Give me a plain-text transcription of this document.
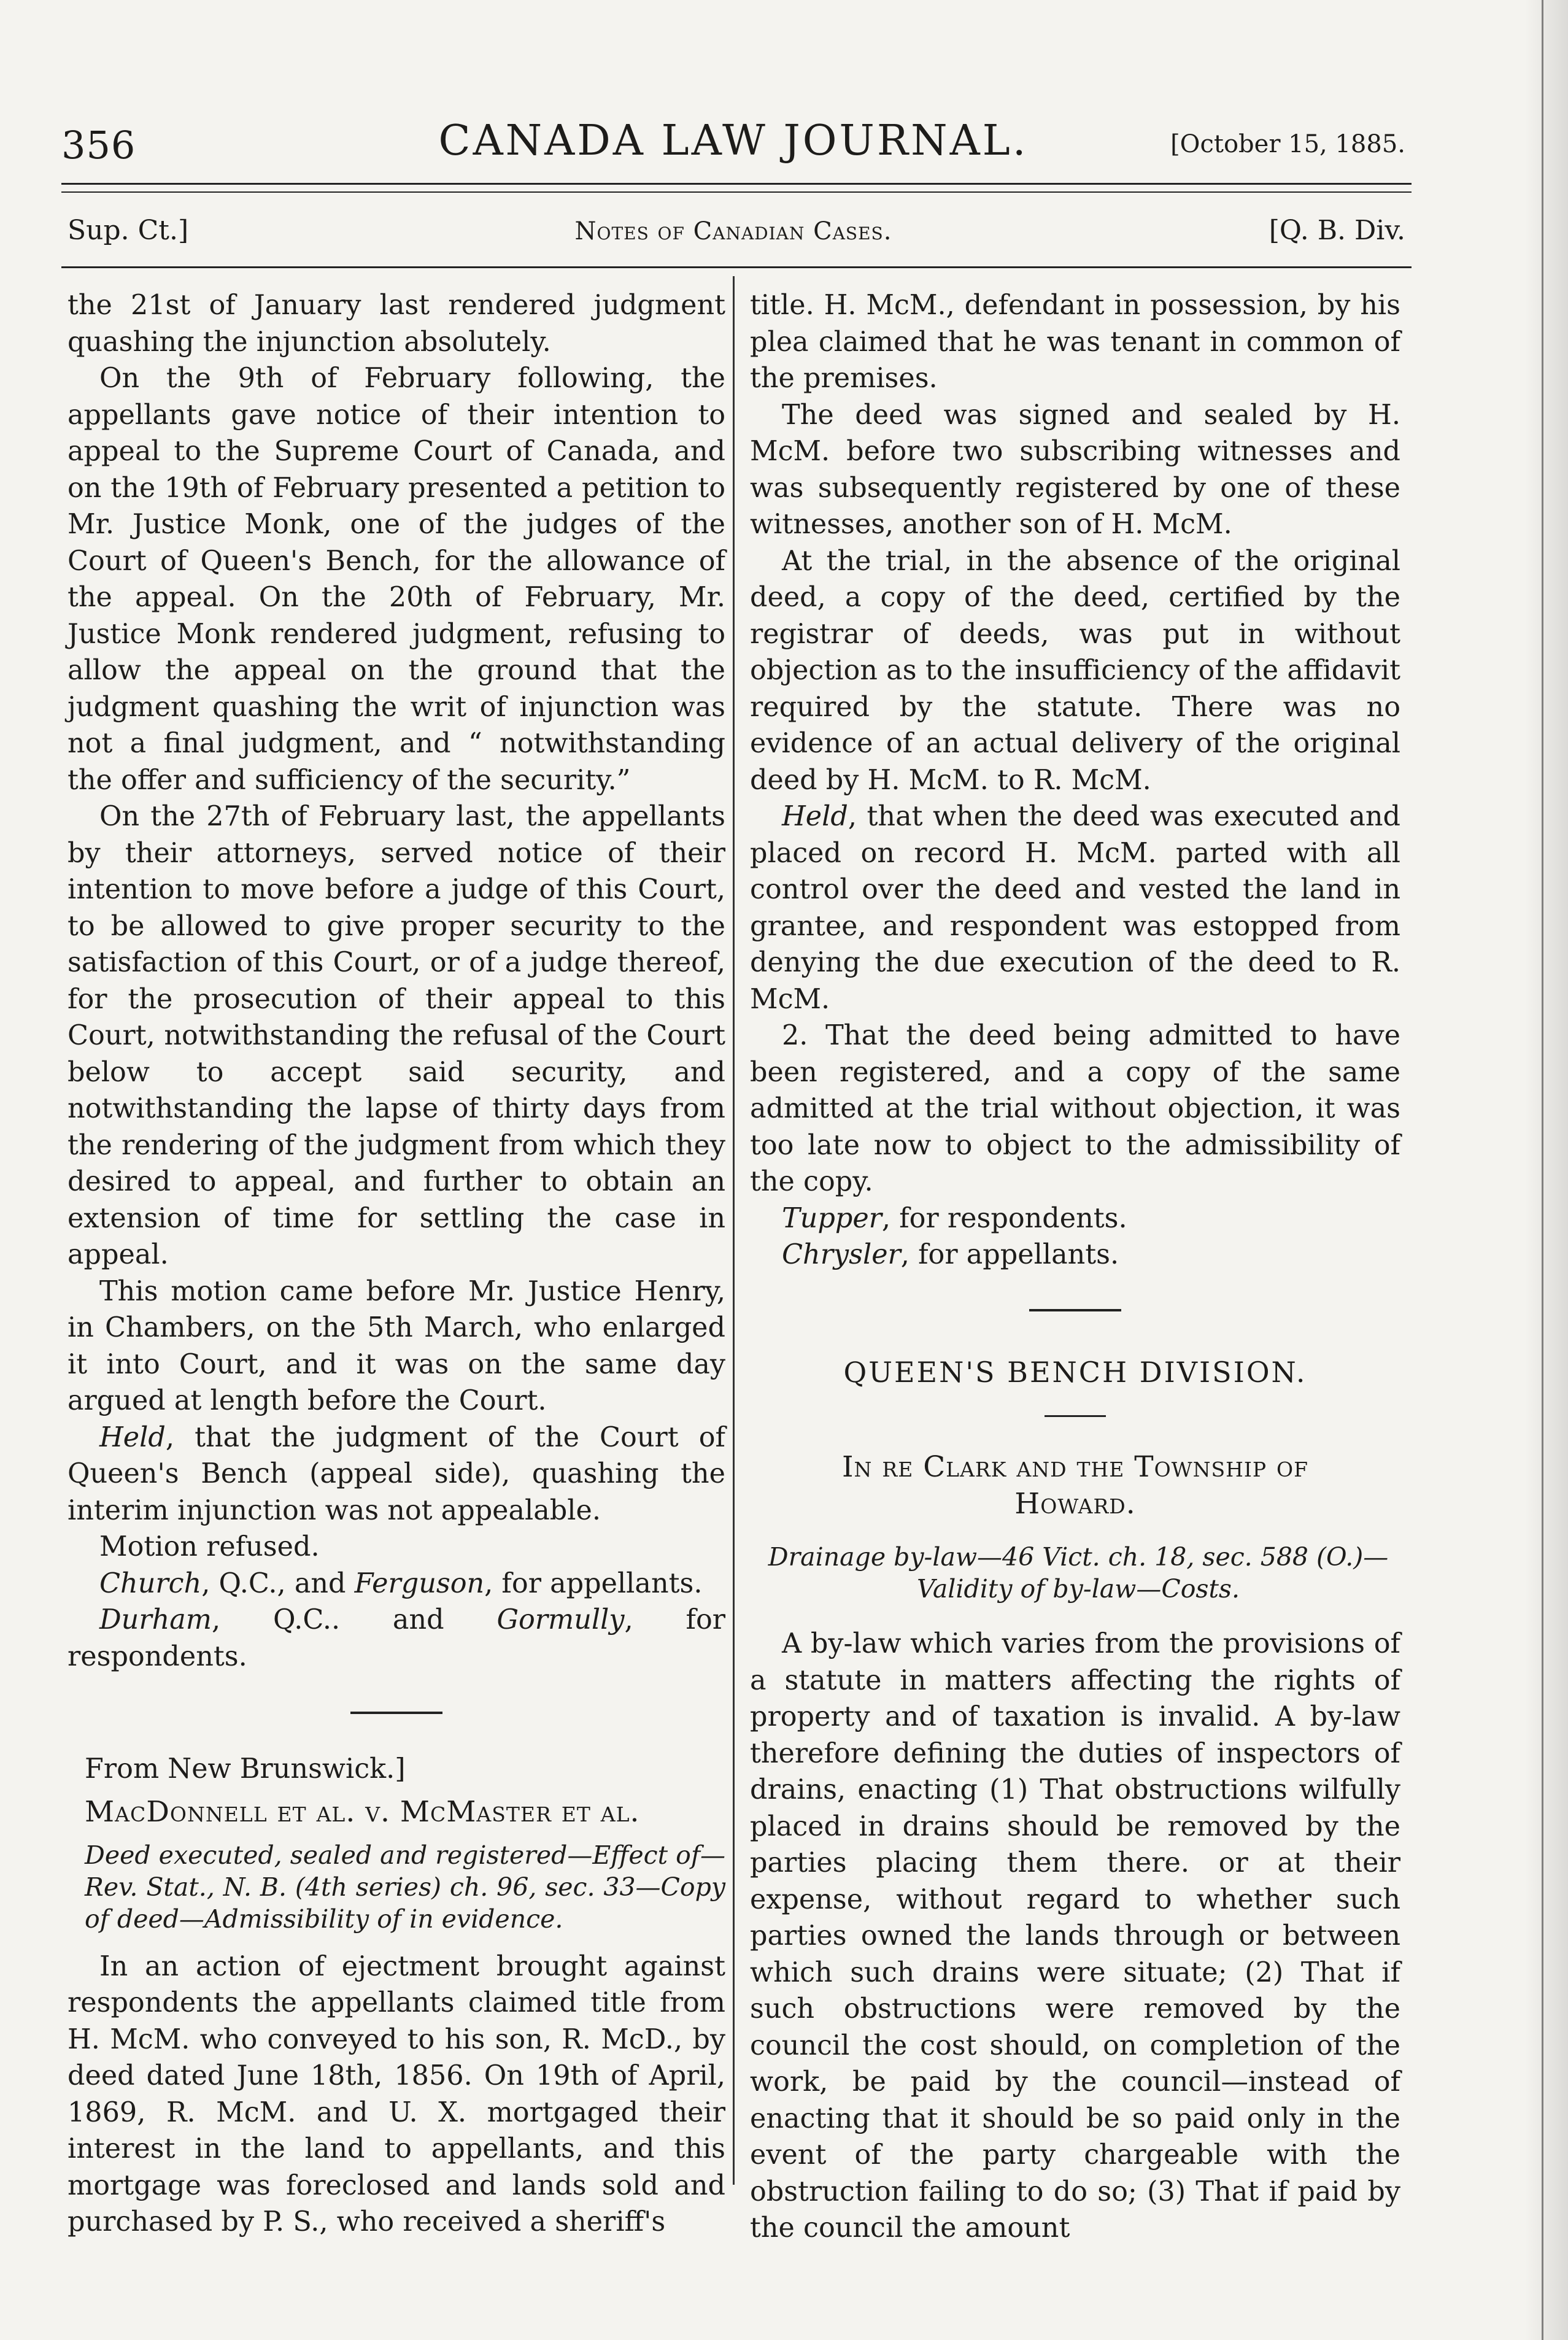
356	CANADA LAW JOURNAL.	[October 15, 1885.
Sup. Ct.]	Notes of Canadian Cases.	[Q. B. Div.

the 21st of January last rendered judgment quashing the injunction absolutely.

On the 9th of February following, the appellants gave notice of their intention to appeal to the Supreme Court of Canada, and on the 19th of February presented a petition to Mr. Justice Monk, one of the judges of the Court of Queen's Bench, for the allowance of the appeal. On the 20th of February, Mr. Justice Monk rendered judgment, refusing to allow the appeal on the ground that the judgment quashing the writ of injunction was not a final judgment, and “ notwithstanding the offer and sufficiency of the security.”

On the 27th of February last, the appellants by their attorneys, served notice of their intention to move before a judge of this Court, to be allowed to give proper security to the satisfaction of this Court, or of a judge thereof, for the prosecution of their appeal to this Court, notwithstanding the refusal of the Court below to accept said security, and notwithstanding the lapse of thirty days from the rendering of the judgment from which they desired to appeal, and further to obtain an extension of time for settling the case in appeal.

This motion came before Mr. Justice Henry, in Chambers, on the 5th March, who enlarged it into Court, and it was on the same day argued at length before the Court.

Held, that the judgment of the Court of Queen's Bench (appeal side), quashing the interim injunction was not appealable.

Motion refused.

Church, Q.C., and Ferguson, for appellants.

Durham, Q.C.. and Gormully, for respondents.

From New Brunswick.]

MacDonnell et al. v. McMaster et al.

Deed executed, sealed and registered—Effect of—Rev. Stat., N. B. (4th series) ch. 96, sec. 33—Copy of deed—Admissibility of in evidence.

In an action of ejectment brought against respondents the appellants claimed title from H. McM. who conveyed to his son, R. McD., by deed dated June 18th, 1856. On 19th of April, 1869, R. McM. and U. X. mortgaged their interest in the land to appellants, and this mortgage was foreclosed and lands sold and purchased by P. S., who received a sheriff's

title. H. McM., defendant in possession, by his plea claimed that he was tenant in common of the premises.

The deed was signed and sealed by H. McM. before two subscribing witnesses and was subsequently registered by one of these witnesses, another son of H. McM.

At the trial, in the absence of the original deed, a copy of the deed, certified by the registrar of deeds, was put in without objection as to the insufficiency of the affidavit required by the statute. There was no evidence of an actual delivery of the original deed by H. McM. to R. McM.

Held, that when the deed was executed and placed on record H. McM. parted with all control over the deed and vested the land in grantee, and respondent was estopped from denying the due execution of the deed to R. McM.

2. That the deed being admitted to have been registered, and a copy of the same admitted at the trial without objection, it was too late now to object to the admissibility of the copy.

Tupper, for respondents.

Chrysler, for appellants.

QUEEN'S BENCH DIVISION.

In re Clark and the Township of

Howard.

Drainage by-law—46 Vict. ch. 18, sec. 588 (O.)—

Validity of by-law—Costs.

A by-law which varies from the provisions of a statute in matters affecting the rights of property and of taxation is invalid. A by-law therefore defining the duties of inspectors of drains, enacting (1) That obstructions wilfully placed in drains should be removed by the parties placing them there. or at their expense, without regard to whether such parties owned the lands through or between which such drains were situate; (2) That if such obstructions were removed by the council the cost should, on completion of the work, be paid by the council—instead of enacting that it should be so paid only in the event of the party chargeable with the obstruction failing to do so; (3) That if paid by the council the amount
